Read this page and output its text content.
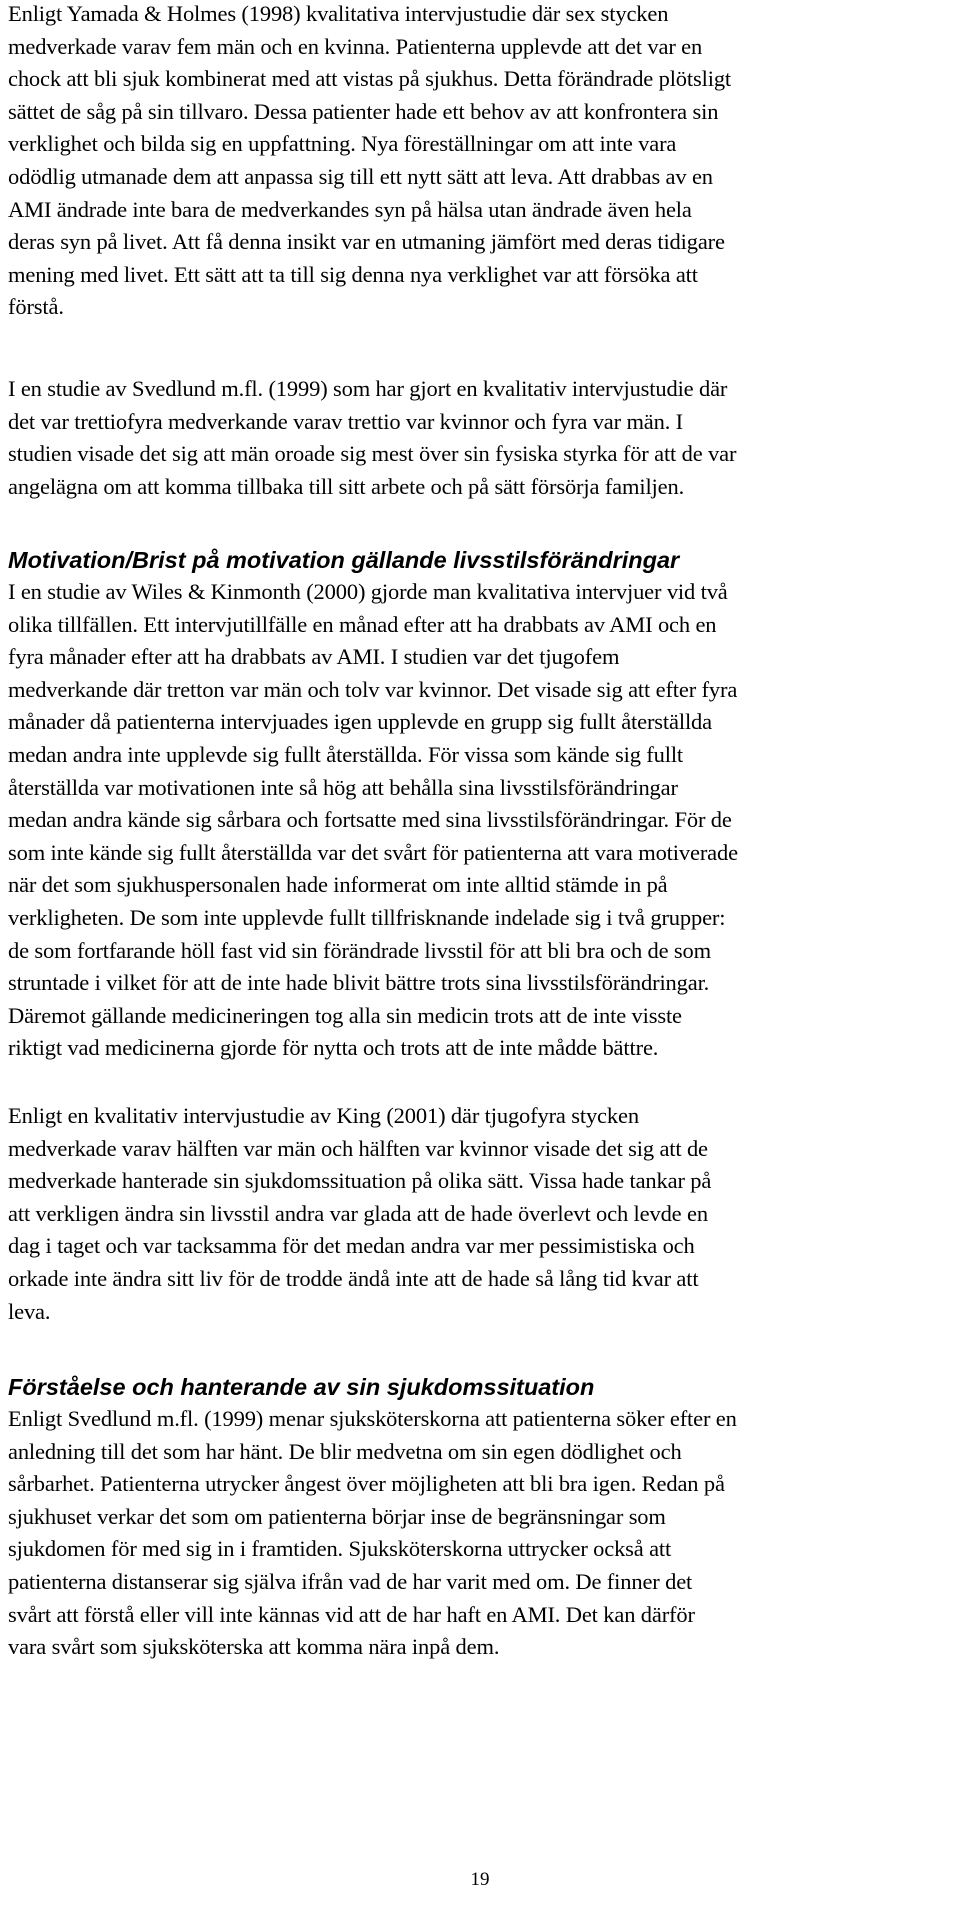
Enligt Yamada & Holmes (1998) kvalitativa intervjustudie där sex stycken
medverkade varav fem män och en kvinna. Patienterna upplevde att det var en
chock att bli sjuk kombinerat med att vistas på sjukhus. Detta förändrade plötsligt
sättet de såg på sin tillvaro. Dessa patienter hade ett behov av att konfrontera sin
verklighet och bilda sig en uppfattning. Nya föreställningar om att inte vara
odödlig utmanade dem att anpassa sig till ett nytt sätt att leva. Att drabbas av en
AMI ändrade inte bara de medverkandes syn på hälsa utan ändrade även hela
deras syn på livet. Att få denna insikt var en utmaning jämfört med deras tidigare
mening med livet. Ett sätt att ta till sig denna nya verklighet var att försöka att
förstå.

I en studie av Svedlund m.fl. (1999) som har gjort en kvalitativ intervjustudie där
det var trettiofyra medverkande varav trettio var kvinnor och fyra var män. I
studien visade det sig att män oroade sig mest över sin fysiska styrka för att de var
angelägna om att komma tillbaka till sitt arbete och på sätt försörja familjen.

Motivation/Brist på motivation gällande livsstilsförändringar

I en studie av Wiles & Kinmonth (2000) gjorde man kvalitativa intervjuer vid två
olika tillfällen. Ett intervjutillfälle en månad efter att ha drabbats av AMI och en
fyra månader efter att ha drabbats av AMI. I studien var det tjugofem
medverkande där tretton var män och tolv var kvinnor. Det visade sig att efter fyra
månader då patienterna intervjuades igen upplevde en grupp sig fullt återställda
medan andra inte upplevde sig fullt återställda. För vissa som kände sig fullt
återställda var motivationen inte så hög att behålla sina livsstilsförändringar
medan andra kände sig sårbara och fortsatte med sina livsstilsförändringar. För de
som inte kände sig fullt återställda var det svårt för patienterna att vara motiverade
när det som sjukhuspersonalen hade informerat om inte alltid stämde in på
verkligheten. De som inte upplevde fullt tillfrisknande indelade sig i två grupper:
de som fortfarande höll fast vid sin förändrade livsstil för att bli bra och de som
struntade i vilket för att de inte hade blivit bättre trots sina livsstilsförändringar.
Däremot gällande medicineringen tog alla sin medicin trots att de inte visste
riktigt vad medicinerna gjorde för nytta och trots att de inte mådde bättre.

Enligt en kvalitativ intervjustudie av King (2001) där tjugofyra stycken
medverkade varav hälften var män och hälften var kvinnor visade det sig att de
medverkade hanterade sin sjukdomssituation på olika sätt. Vissa hade tankar på
att verkligen ändra sin livsstil andra var glada att de hade överlevt och levde en
dag i taget och var tacksamma för det medan andra var mer pessimistiska och
orkade inte ändra sitt liv för de trodde ändå inte att de hade så lång tid kvar att
leva.

Förståelse och hanterande av sin sjukdomssituation

Enligt Svedlund m.fl. (1999) menar sjuksköterskorna att patienterna söker efter en
anledning till det som har hänt. De blir medvetna om sin egen dödlighet och
sårbarhet. Patienterna utrycker ångest över möjligheten att bli bra igen. Redan på
sjukhuset verkar det som om patienterna börjar inse de begränsningar som
sjukdomen för med sig in i framtiden. Sjuksköterskorna uttrycker också att
patienterna distanserar sig själva ifrån vad de har varit med om. De finner det
svårt att förstå eller vill inte kännas vid att de har haft en AMI. Det kan därför
vara svårt som sjuksköterska att komma nära inpå dem.

19
